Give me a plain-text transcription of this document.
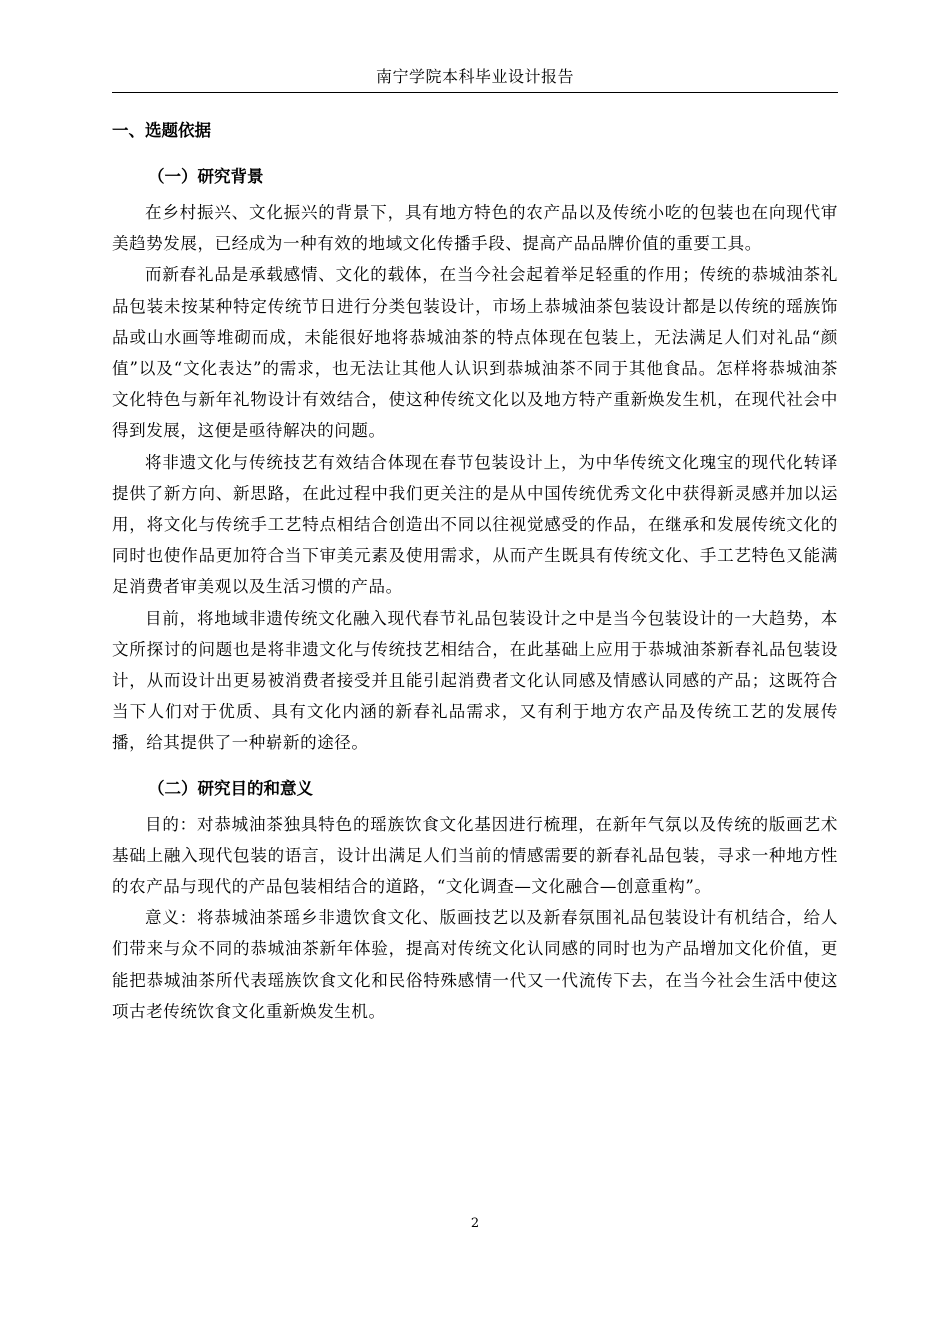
南宁学院本科毕业设计报告
一、选题依据
（一）研究背景

在乡村振兴、文化振兴的背景下，具有地方特色的农产品以及传统小吃的包装也在向现代审美趋势发展，已经成为一种有效的地域文化传播手段、提高产品品牌价值的重要工具。

而新春礼品是承载感情、文化的载体，在当今社会起着举足轻重的作用；传统的恭城油茶礼品包装未按某种特定传统节日进行分类包装设计，市场上恭城油茶包装设计都是以传统的瑶族饰品或山水画等堆砌而成，未能很好地将恭城油茶的特点体现在包装上，无法满足人们对礼品“颜值”以及“文化表达”的需求，也无法让其他人认识到恭城油茶不同于其他食品。怎样将恭城油茶文化特色与新年礼物设计有效结合，使这种传统文化以及地方特产重新焕发生机，在现代社会中得到发展，这便是亟待解决的问题。

将非遗文化与传统技艺有效结合体现在春节包装设计上，为中华传统文化瑰宝的现代化转译提供了新方向、新思路，在此过程中我们更关注的是从中国传统优秀文化中获得新灵感并加以运用，将文化与传统手工艺特点相结合创造出不同以往视觉感受的作品，在继承和发展传统文化的同时也使作品更加符合当下审美元素及使用需求，从而产生既具有传统文化、手工艺特色又能满足消费者审美观以及生活习惯的产品。

目前，将地域非遗传统文化融入现代春节礼品包装设计之中是当今包装设计的一大趋势，本文所探讨的问题也是将非遗文化与传统技艺相结合，在此基础上应用于恭城油茶新春礼品包装设计，从而设计出更易被消费者接受并且能引起消费者文化认同感及情感认同感的产品；这既符合当下人们对于优质、具有文化内涵的新春礼品需求，又有利于地方农产品及传统工艺的发展传播，给其提供了一种崭新的途径。

（二）研究目的和意义

目的：对恭城油茶独具特色的瑶族饮食文化基因进行梳理，在新年气氛以及传统的版画艺术基础上融入现代包装的语言，设计出满足人们当前的情感需要的新春礼品包装，寻求一种地方性的农产品与现代的产品包装相结合的道路，“文化调查—文化融合—创意重构”。

意义：将恭城油茶瑶乡非遗饮食文化、版画技艺以及新春氛围礼品包装设计有机结合，给人们带来与众不同的恭城油茶新年体验，提高对传统文化认同感的同时也为产品增加文化价值，更能把恭城油茶所代表瑶族饮食文化和民俗特殊感情一代又一代流传下去，在当今社会生活中使这项古老传统饮食文化重新焕发生机。

2
